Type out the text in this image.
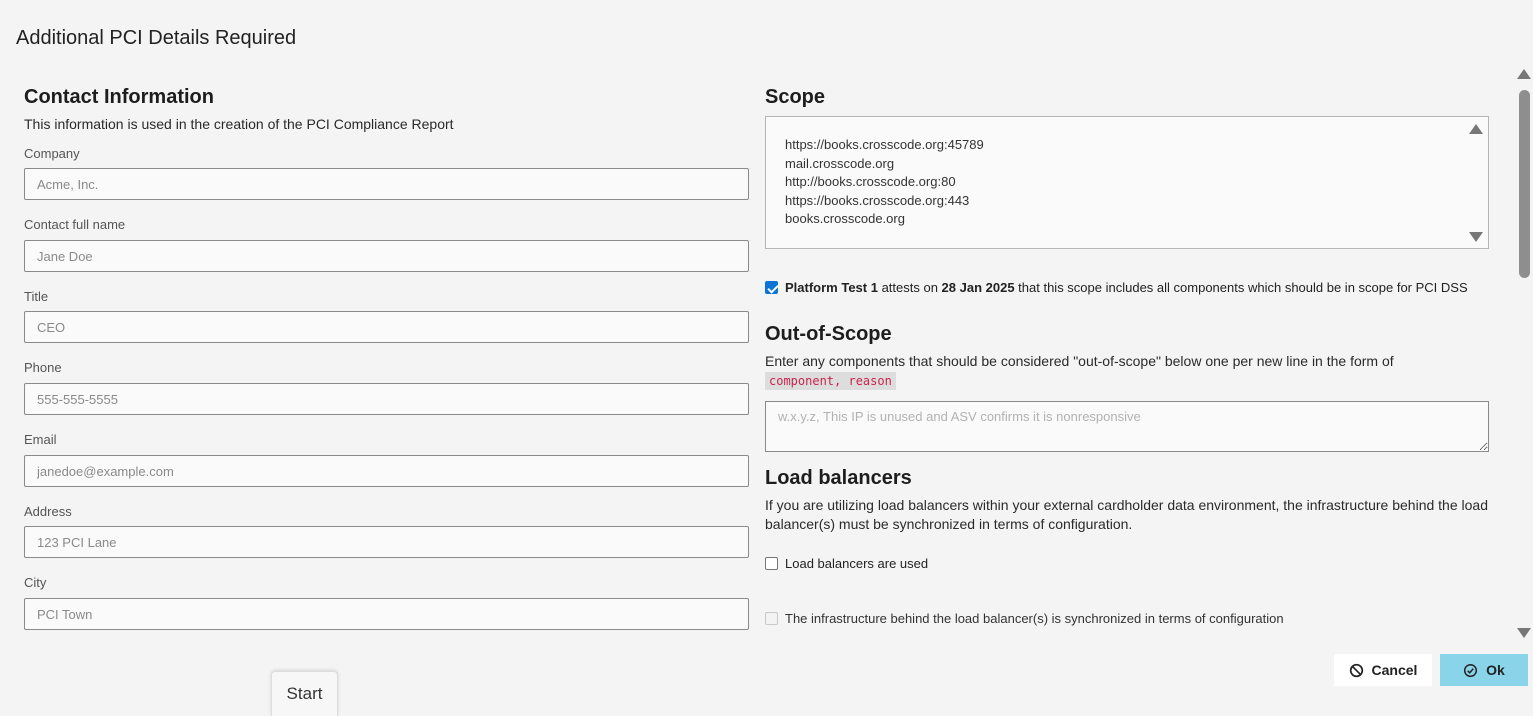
Additional PCI Details Required
Contact Information
This information is used in the creation of the PCI Compliance Report
Company
Acme, Inc.
Contact full name
Jane Doe
Title
CEO
Phone
555-555-5555
Email
janedoe@example.com
Address
123 PCI Lane
City
PCI Town
Scope
https://books.crosscode.org:45789
mail.crosscode.org
http://books.crosscode.org:80
https://books.crosscode.org:443
books.crosscode.org
Platform Test 1 attests on 28 Jan 2025 that this scope includes all components which should be in scope for PCI DSS
Out-of-Scope
Enter any components that should be considered "out-of-scope" below one per new line in the form of
component, reason
w.x.y.z, This IP is unused and ASV confirms it is nonresponsive
Load balancers
If you are utilizing load balancers within your external cardholder data environment, the infrastructure behind the load balancer(s) must be synchronized in terms of configuration.
Load balancers are used
The infrastructure behind the load balancer(s) is synchronized in terms of configuration
Cancel	Ok
Start
